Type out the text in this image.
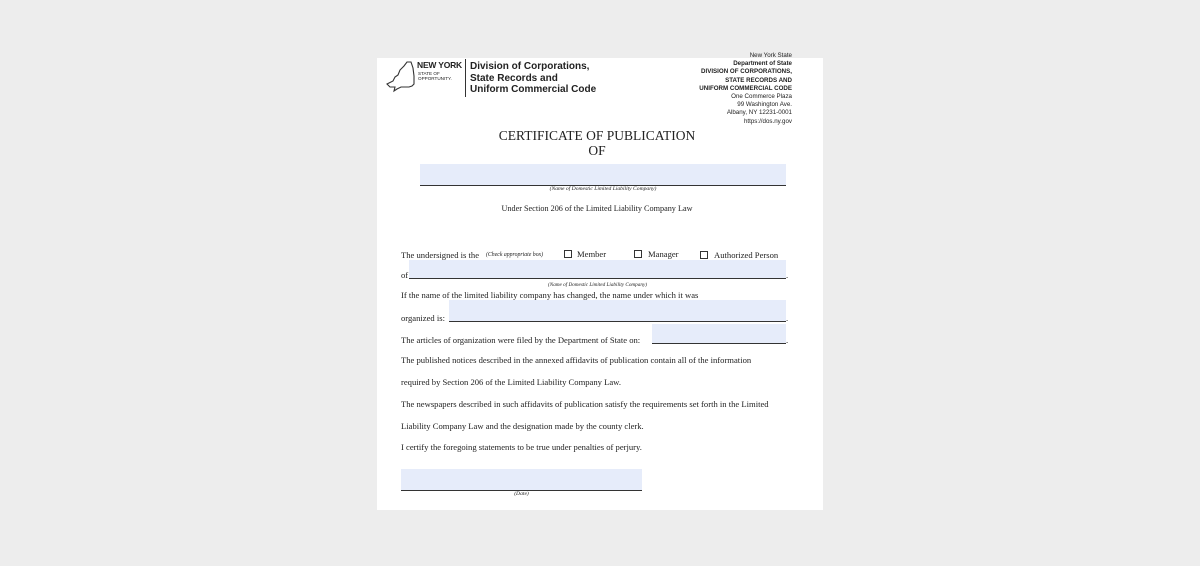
NEW YORK
STATE OF
OPPORTUNITY.
Division of Corporations,
State Records and
Uniform Commercial Code
New York State
Department of State
DIVISION OF CORPORATIONS,
STATE RECORDS AND
UNIFORM COMMERCIAL CODE
One Commerce Plaza
99 Washington Ave.
Albany, NY 12231-0001
https://dos.ny.gov
CERTIFICATE OF PUBLICATION
OF
(Name of Domestic Limited Liability Company)
Under Section 206 of the Limited Liability Company Law
The undersigned is the (Check appropriate box)	Member	Manager	Authorized Person
of	.
(Name of Domestic Limited Liability Company)
If the name of the limited liability company has changed, the name under which it was
organized is:	.
The articles of organization were filed by the Department of State on:	.
The published notices described in the annexed affidavits of publication contain all of the information
required by Section 206 of the Limited Liability Company Law.
The newspapers described in such affidavits of publication satisfy the requirements set forth in the Limited
Liability Company Law and the designation made by the county clerk.
I certify the foregoing statements to be true under penalties of perjury.
(Date)
